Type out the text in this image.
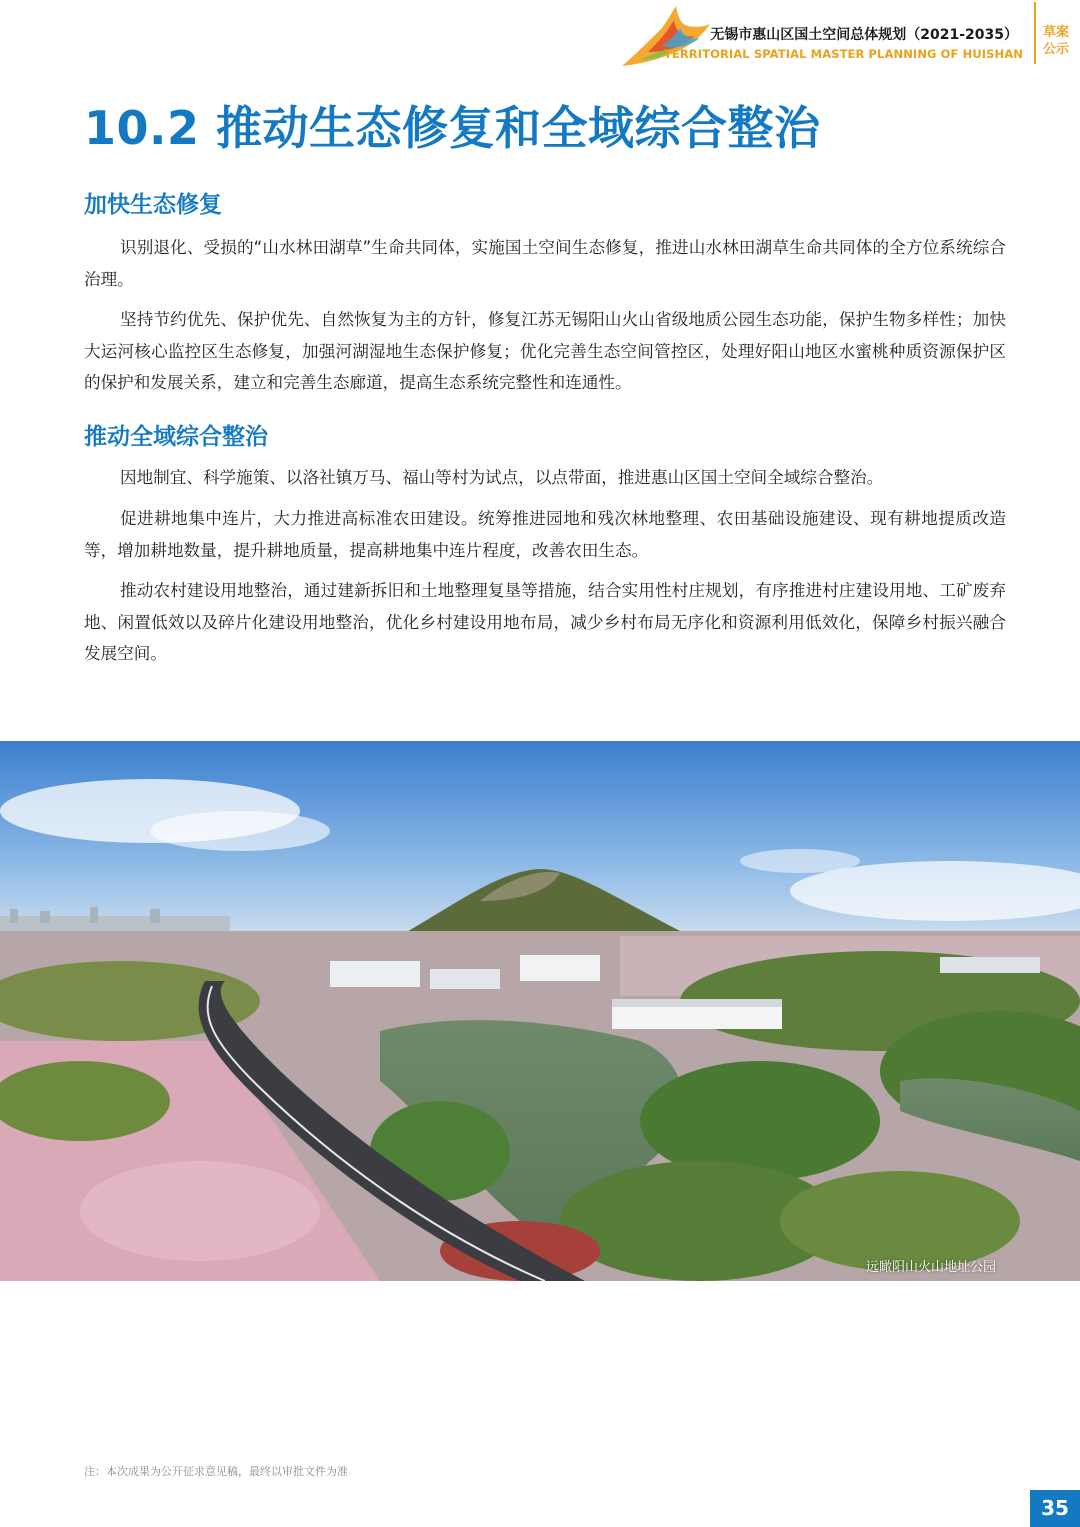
无锡市惠山区国土空间总体规划（2021-2035）
TERRITORIAL SPATIAL MASTER PLANNING OF HUISHAN
草案
公示
10.2 推动生态修复和全域综合整治
加快生态修复

识别退化、受损的“山水林田湖草”生命共同体，实施国土空间生态修复，推进山水林田湖草生命共同体的全方位系统综合治理。

坚持节约优先、保护优先、自然恢复为主的方针，修复江苏无锡阳山火山省级地质公园生态功能，保护生物多样性；加快大运河核心监控区生态修复，加强河湖湿地生态保护修复；优化完善生态空间管控区，处理好阳山地区水蜜桃种质资源保护区的保护和发展关系，建立和完善生态廊道，提高生态系统完整性和连通性。

推动全域综合整治

因地制宜、科学施策、以洛社镇万马、福山等村为试点，以点带面，推进惠山区国土空间全域综合整治。

促进耕地集中连片，大力推进高标准农田建设。统筹推进园地和残次林地整理、农田基础设施建设、现有耕地提质改造等，增加耕地数量，提升耕地质量，提高耕地集中连片程度，改善农田生态。

推动农村建设用地整治，通过建新拆旧和土地整理复垦等措施，结合实用性村庄规划，有序推进村庄建设用地、工矿废弃地、闲置低效以及碎片化建设用地整治，优化乡村建设用地布局，减少乡村布局无序化和资源利用低效化，保障乡村振兴融合发展空间。

远瞰阳山火山地址公园
注：本次成果为公开征求意见稿，最终以审批文件为准
35
